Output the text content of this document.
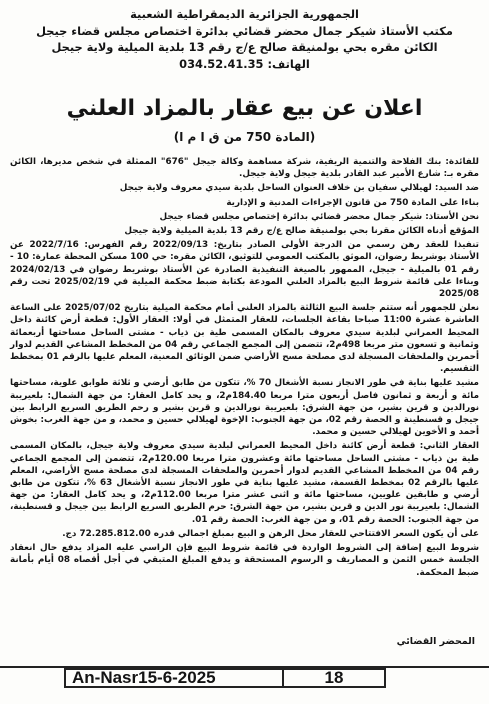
الجمهورية الجزائرية الديمقراطية الشعبية
مكتب الأستاذ شيكر جمال محضر قضائي بدائرة اختصاص مجلس قضاء جيجل
الكائن مقره بحي بولمنيقة صالح ع/ج رقم 13 بلدية الميلية ولاية جيجل
الهاتف: 034.52.41.35
اعلان عن بيع عقار بالمزاد العلني
(المادة 750 من ق ا م ا)

للفائدة: بنك الفلاحة والتنمية الريفية، شركة مساهمة وكالة جيجل "676" الممثلة في شخص مديرها، الكائن مقره بـ: شارع الأمير عبد القادر بلدية جيجل ولاية جيجل.

ضد السيد: لهيلالي سفيان بن خلاف العنوان الساحل بلدية سيدي معروف ولاية جيجل

بناءا على المادة 750 من قانون الإجراءات المدنية و الإدارية

نحن الأستاذ: شيكر جمال محضر قضائي بدائرة إختصاص مجلس قضاء جيجل

المؤقع أدناه الكائن مقرنا بحي بولمنيقة صالح ع/ج رقم 13 بلدية الميلية ولاية جيجل

تنفيذا للعقد رهن رسمي من الدرجة الأولى الصادر بتاريخ: 2022/09/13 رقم الفهرس: 2022/7/16 عن الأستاذ بوشريط رضوان، الموثق بالمكتب العمومي للتوثيق، الكائن مقره: حي 100 مسكن المحطة عمارة: 10 - رقم 01 بالميلية - جيجل، الممهور بالصيغة التنفيذية الصادرة عن الأستاذ بوشريط رضوان في 2024/02/13 وبناءا على قائمة شروط البيع بالمزاد العلني المودعة بكتابة ضبط محكمة الميلية في 2025/02/19 تحت رقم 2025/08

نعلن للجمهور أنه ستتم جلسة البيع الثالثة بالمزاد العلني أمام محكمة الميلية بتاريخ 2025/07/02 على الساعة العاشرة عشرة 11:00 صباحا بقاعة الجلسات، للعقار المتمثل في أولا: العقار الأول: قطعة أرض كائنة داخل المحيط العمراني لبلدية سيدي معروف بالمكان المسمى طية بن ذياب - مشتى الساحل مساحتها أربعمائة وثمانية و تسعون متر مربعا 498م2، تتضمن إلى المجمع الجماعي رقم 04 من المخطط المشاعي القديم لدوار أحمرين والملحقات المسجلة لدى مصلحة مسح الأراضي ضمن الوثائق المعنية، المعلم عليها بالرقم 01 بمخطط التقسيم.

مشيد عليها بناية في طور الانجاز نسبة الأشغال 70 %، تتكون من طابق أرضي و ثلاثة طوابق علوية، مساحتها مائة و أربعة و ثمانون فاصل أربعون مترا مربعا 184.40م2، و يحد كامل العقار: من جهة الشمال: بلعيريبة نورالدين و قرين بشير، من جهة الشرق: بلعيريبة نورالدين و قرين بشير و رحم الطريق السريع الرابط بين جيجل و قسنطينة و الحصة رقم 02، من جهة الجنوب: الإخوة لهيلالي حسين و محمد، و من جهة الغرب: بخوش أحمد و الأخوين لهيلالي حسين و محمد.

العقار الثاني: قطعة أرض كائنة داخل المحيط العمراني لبلدية سيدي معروف ولاية جيجل، بالمكان المسمى طية بن ذياب - مشتى الساحل مساحتها مائة وعشرون مترا مربعا 120.00م2، تتضمن إلى المجمع الجماعي رقم 04 من المخطط المشاعي القديم لدوار أحمرين والملحقات المسجلة لدى مصلحة مسح الأراضي، المعلم عليها بالرقم 02 بمخطط القسمة، مشيد عليها بناية في طور الانجاز نسبة الأشغال 63 %، تتكون من طابق أرضي و طابقين علويين، مساحتها مائة و اثنى عشر مترا مربعا 112.00م2، و يحد كامل العقار: من جهة الشمال: بلعيريبة نور الدين و قرين بشير، من جهة الشرق: حرم الطريق السريع الرابط بين جيجل و قسنطينة، من جهة الجنوب: الحصة رقم 01، و من جهة الغرب: الحصة رقم 01.

على أن يكون السعر الافتتاحي للعقار محل الرهن و البيع بمبلغ اجمالي قدره 72.285.812.00 دج.

شروط البيع إضافة إلى الشروط الواردة في قائمة شروط البيع فإن الراسي عليه المزاد يدفع حال انعقاد الجلسة خمس الثمن و المصاريف و الرسوم المستحقة و يدفع المبلغ المتبقي في أجل أقصاه 08 أيام بأمانة ضبط المحكمة.

المحضر القضائي
An-Nasr15-6-2025	18
